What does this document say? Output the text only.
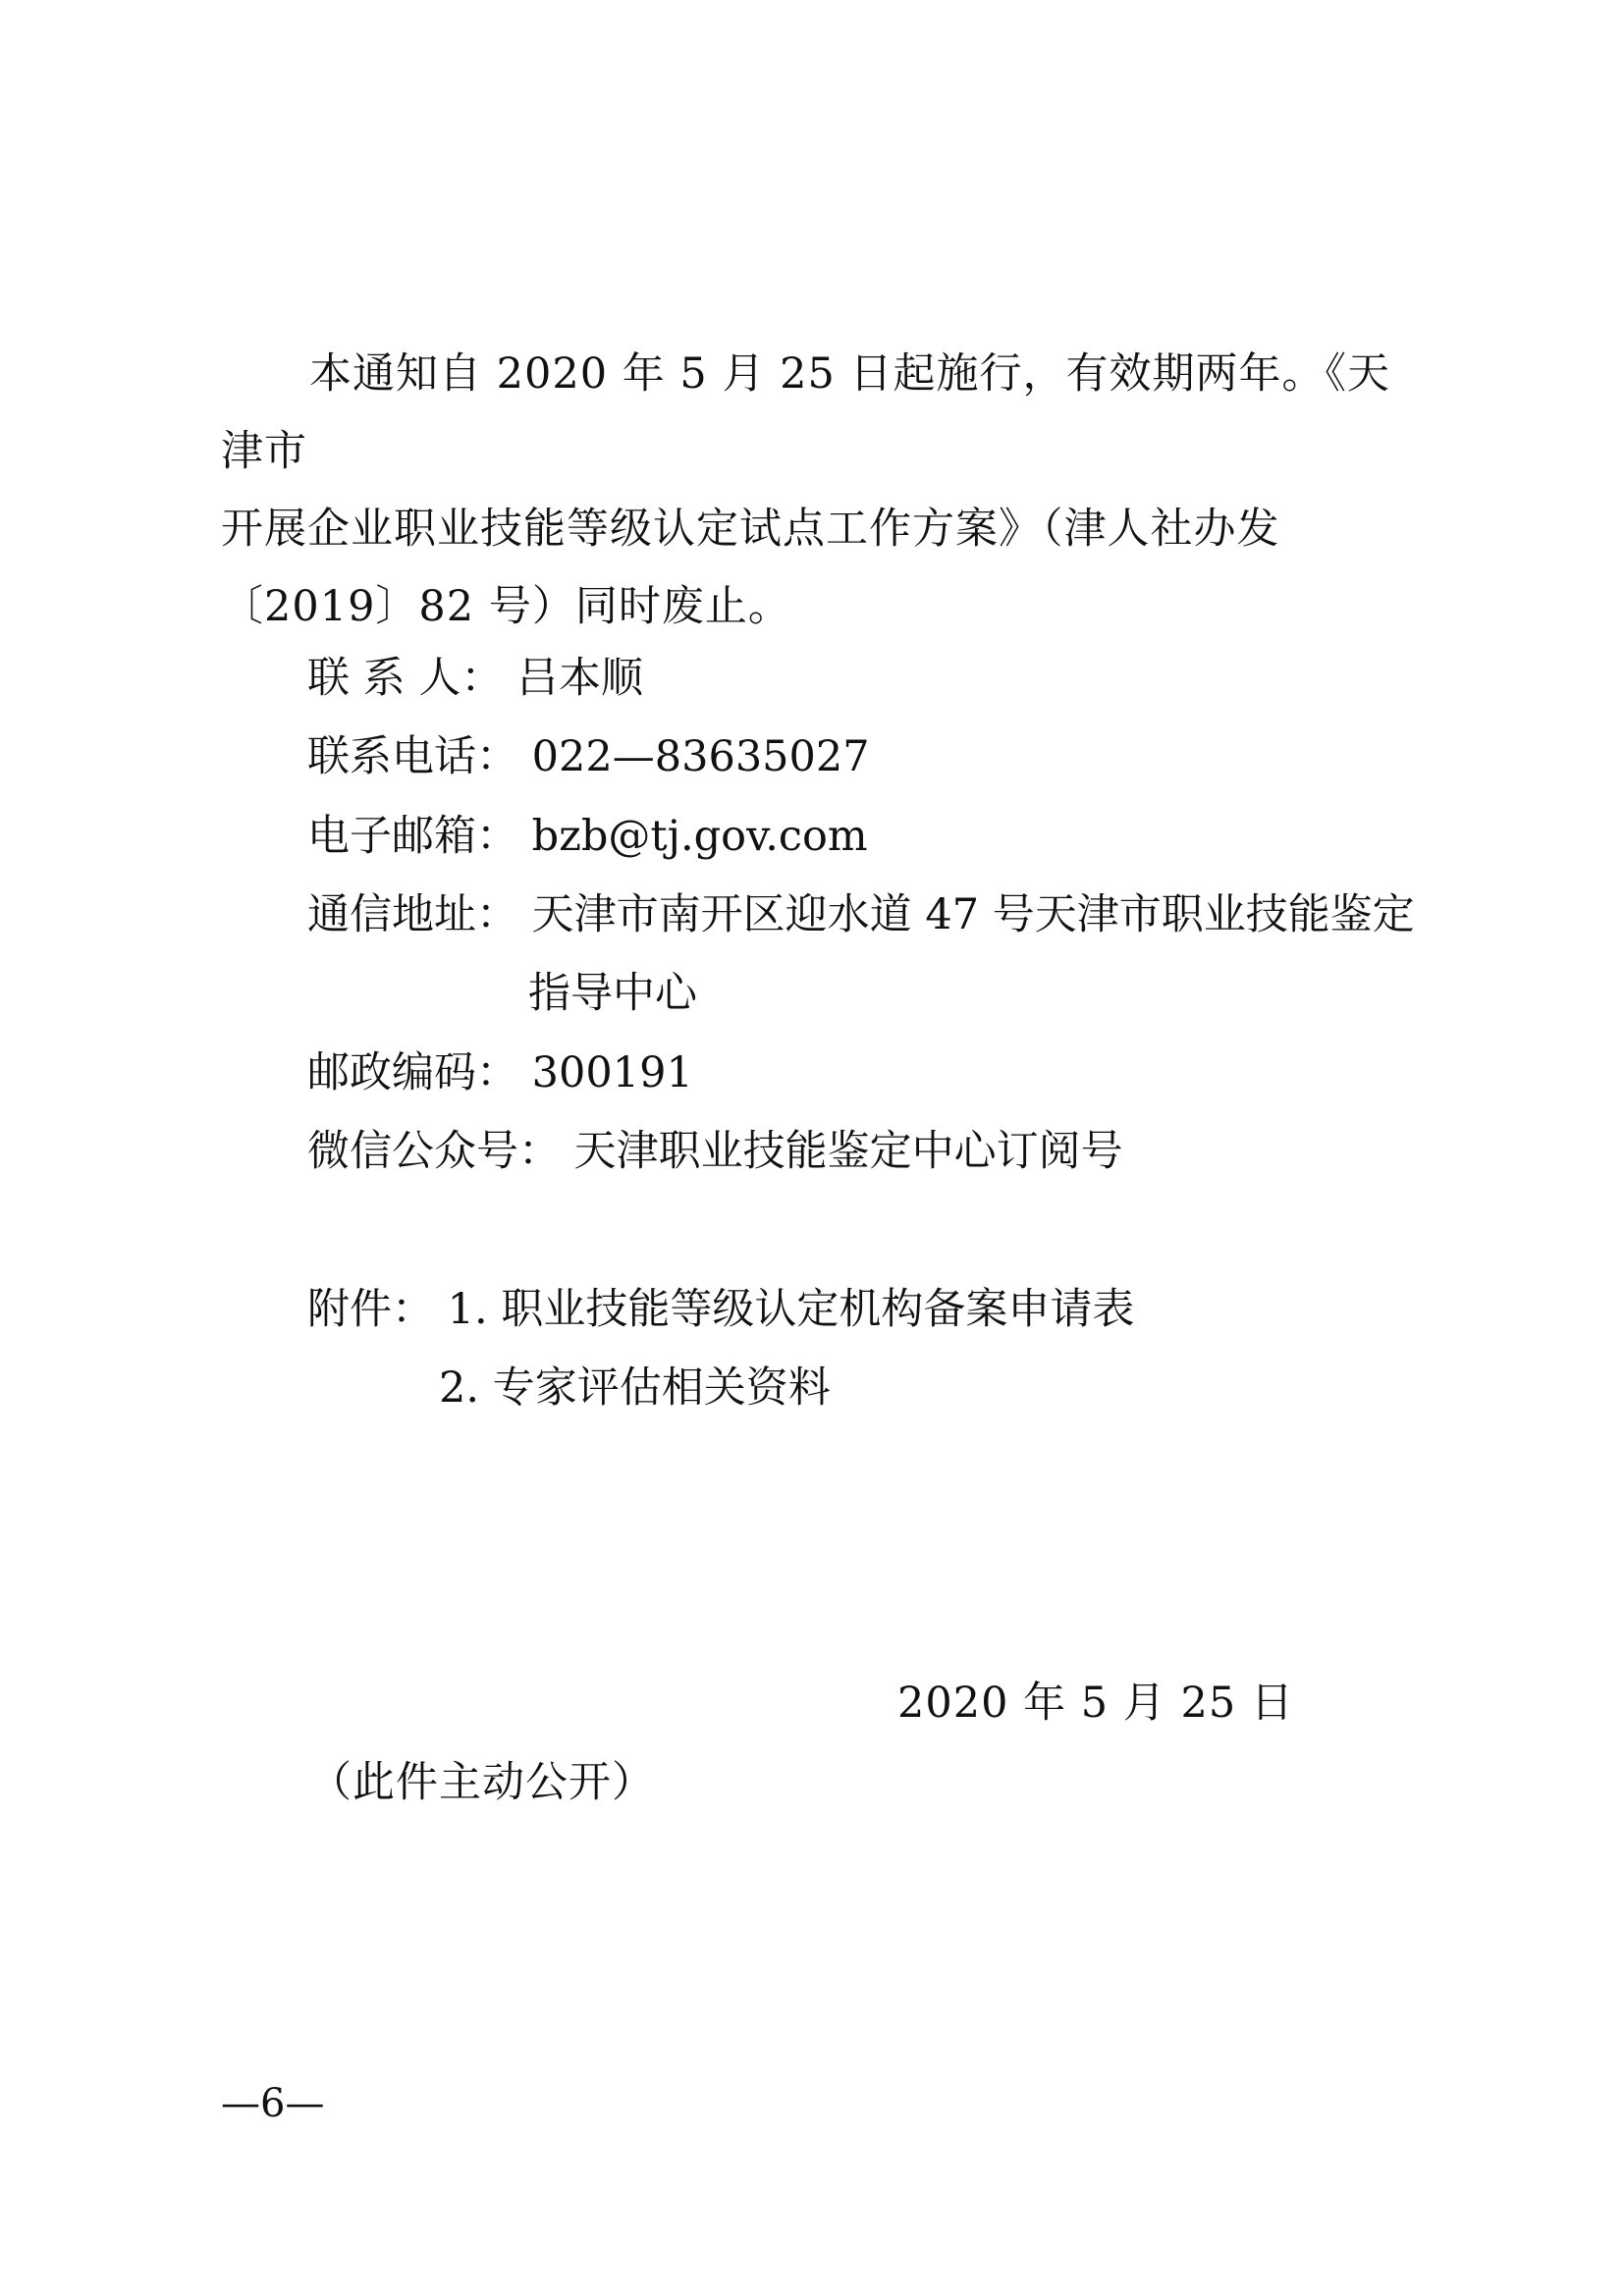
本通知自 2020 年 5 月 25 日起施行，有效期两年。《天津市
开展企业职业技能等级认定试点工作方案》（津人社办发
〔2019〕82 号）同时废止。
联 系 人： 吕本顺
联系电话： 022—83635027
电子邮箱： bzb@tj.gov.com
通信地址： 天津市南开区迎水道 47 号天津市职业技能鉴定
指导中心
邮政编码： 300191
微信公众号： 天津职业技能鉴定中心订阅号
附件： 1. 职业技能等级认定机构备案申请表
2. 专家评估相关资料
2020 年 5 月 25 日
（此件主动公开）
—6—
